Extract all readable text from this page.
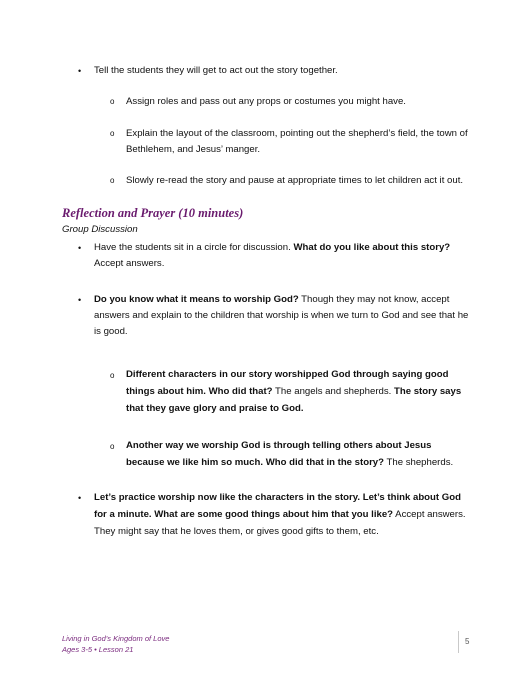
• Tell the students they will get to act out the story together.
o Assign roles and pass out any props or costumes you might have.
o Explain the layout of the classroom, pointing out the shepherd’s field, the town of
Bethlehem, and Jesus’ manger.
o Slowly re-read the story and pause at appropriate times to let children act it out.
Reflection and Prayer (10 minutes)
Group Discussion
• Have the students sit in a circle for discussion. What do you like about this story?
Accept answers.
• Do you know what it means to worship God? Though they may not know, accept
answers and explain to the children that worship is when we turn to God and see that he
is good.
o Different characters in our story worshipped God through saying good
things about him. Who did that? The angels and shepherds. The story says
that they gave glory and praise to God.
o Another way we worship God is through telling others about Jesus
because we like him so much. Who did that in the story? The shepherds.
• Let’s practice worship now like the characters in the story. Let’s think about God
for a minute. What are some good things about him that you like? Accept answers.
They might say that he loves them, or gives good gifts to them, etc.
Living in God’s Kingdom of Love
Ages 3-5 • Lesson 21
5
